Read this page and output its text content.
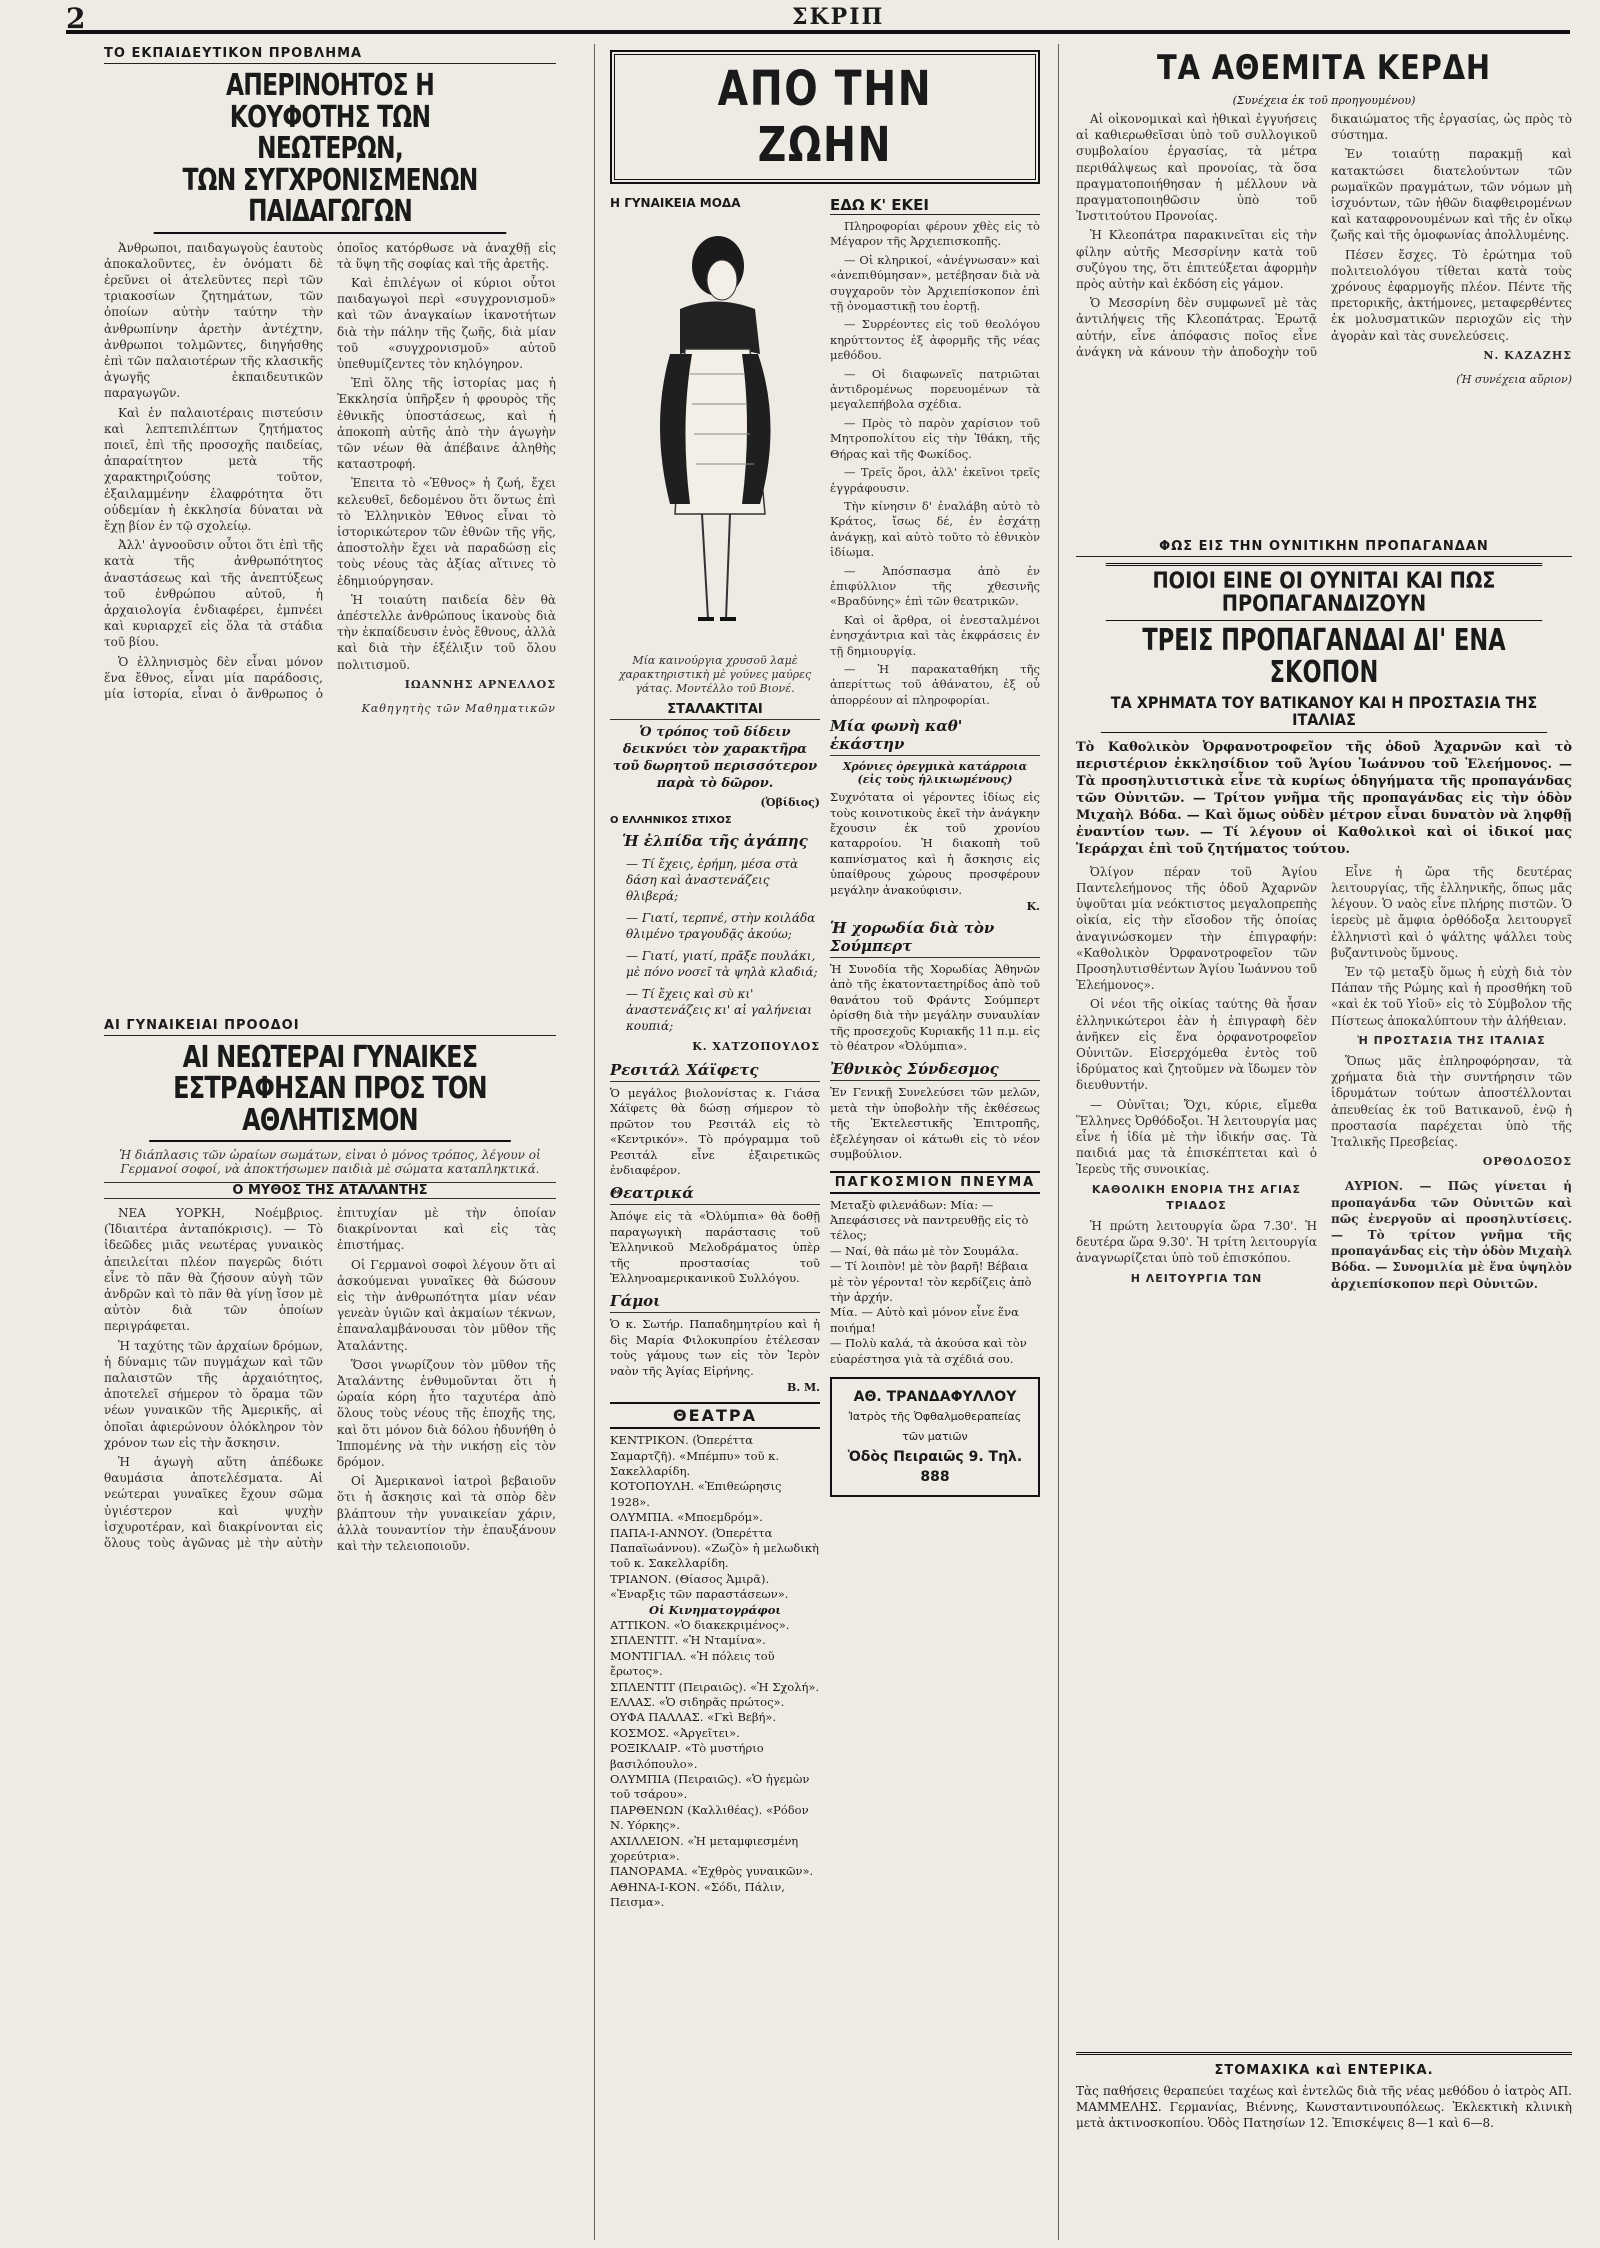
2	ΣΚΡΙΠ
ΤΟ ΕΚΠΑΙΔΕΥΤΙΚΟΝ ΠΡΟΒΛΗΜΑ
ΑΠΕΡΙΝΟΗΤΟΣ Η ΚΟΥΦΟΤΗΣ ΤΩΝ ΝΕΩΤΕΡΩΝ,
ΤΩΝ ΣΥΓΧΡΟΝΙΣΜΕΝΩΝ ΠΑΙΔΑΓΩΓΩΝ

Ἀνθρωποι, παιδαγωγοὺς ἑαυτοὺς ἀποκαλοῦντες, ἐν ὀνόματι δὲ ἐρεῦνει οἱ ἀτελεῦντες περὶ τῶν τριακοσίων ζητημάτων, τῶν ὁποίων αὐτὴν ταύτην τὴν ἀνθρωπίνην ἀρετὴν ἀντέχτην, ἀνθρωποι τολμῶντες, διηγήσθης ἐπὶ τῶν παλαιοτέρων τῆς κλασικῆς ἀγωγῆς ἐκπαιδευτικῶν παραγωγῶν.

Καὶ ἐν παλαιοτέραις πιστεύσιν καὶ λεπτεπιλέπτων ζητήματος ποιεῖ, ἐπὶ τῆς προσοχῆς παιδείας, ἀπαραίτητον μετὰ τῆς χαρακτηριζούσης τοῦτον, ἐξαιλαμμένην ἐλαφρότητα ὅτι οὐδεμίαν ἡ ἐκκλησία δύναται νὰ ἔχῃ βίον ἐν τῷ σχολείῳ.

Ἀλλ' ἀγνοοῦσιν οὗτοι ὅτι ἐπὶ τῆς κατὰ τῆς ἀνθρωπότητος ἀναστάσεως καὶ τῆς ἀνεπτύξεως τοῦ ἐνθρώπου αὐτοῦ, ἡ ἀρχαιολογία ἐνδιαφέρει, ἐμπνέει καὶ κυριαρχεῖ εἰς ὅλα τὰ στάδια τοῦ βίου.

Ὁ ἑλληνισμὸς δὲν εἶναι μόνον ἕνα ἔθνος, εἶναι μία παράδοσις, μία ἱστορία, εἶναι ὁ ἄνθρωπος ὁ ὁποῖος κατόρθωσε νὰ ἀναχθῇ εἰς τὰ ὕψη τῆς σοφίας καὶ τῆς ἀρετῆς.

Καὶ ἐπιλέγων οἱ κύριοι οὗτοι παιδαγωγοὶ περὶ «συγχρονισμοῦ» καὶ τῶν ἀναγκαίων ἱκανοτήτων διὰ τὴν πάλην τῆς ζωῆς, διὰ μίαν τοῦ «συγχρονισμοῦ» αὐτοῦ ὑπεθυμίζεντες τὸν κηλόγηρον.

Ἐπὶ ὅλης τῆς ἱστορίας μας ἡ Ἐκκλησία ὑπῆρξεν ἡ φρουρὸς τῆς ἐθνικῆς ὑποστάσεως, καὶ ἡ ἀποκοπὴ αὐτῆς ἀπὸ τὴν ἀγωγὴν τῶν νέων θὰ ἀπέβαινε ἀληθὴς καταστροφή.

Ἐπειτα τὸ «Ἐθνος» ἡ ζωή, ἔχει κελευθεῖ, δεδομένου ὅτι ὅντως ἐπὶ τὸ Ἑλληνικὸν Ἐθνος εἶναι τὸ ἱστορικώτερον τῶν ἐθνῶν τῆς γῆς, ἀποστολὴν ἔχει νὰ παραδώσῃ εἰς τοὺς νέους τὰς ἀξίας αἵτινες τὸ ἐδημιούργησαν.

Ἡ τοιαύτη παιδεία δὲν θὰ ἀπέστελλε ἀνθρώπους ἱκανοὺς διὰ τὴν ἐκπαίδευσιν ἑνὸς ἔθνους, ἀλλὰ καὶ διὰ τὴν ἐξέλιξιν τοῦ ὅλου πολιτισμοῦ.

ΙΩΑΝΝΗΣ ΑΡΝΕΛΛΟΣ
Καθηγητὴς τῶν Μαθηματικῶν
ΑΙ ΓΥΝΑΙΚΕΙΑΙ ΠΡΟΟΔΟΙ
ΑΙ ΝΕΩΤΕΡΑΙ ΓΥΝΑΙΚΕΣ
ΕΣΤΡΑΦΗΣΑΝ ΠΡΟΣ ΤΟΝ ΑΘΛΗΤΙΣΜΟΝ
Ἡ διάπλασις τῶν ὡραίων σωμάτων, εἰναι ὁ μόνος τρόπος, λέγουν οἱ Γερμανοί σοφοί, νὰ ἀποκτήσωμεν παιδιὰ μὲ σώματα καταπληκτικά.
Ο ΜΥΘΟΣ ΤΗΣ ΑΤΑΛΑΝΤΗΣ

ΝΕΑ ΥΟΡΚΗ, Νοέμβριος. (Ἰδιαιτέρα ἀνταπόκρισις). — Τὸ ἰδεῶδες μιᾶς νεωτέρας γυναικὸς ἀπειλείται πλέον παγερῶς διότι εἶνε τὸ πᾶν θὰ ζήσουν αὐγὴ τῶν ἀνδρῶν καὶ τὸ πᾶν θὰ γίνῃ ἴσον μὲ αὐτὸν διὰ τῶν ὁποίων περιγράφεται.

Ἡ ταχύτης τῶν ἀρχαίων δρόμων, ἡ δύναμις τῶν πυγμάχων καὶ τῶν παλαιστῶν τῆς ἀρχαιότητος, ἀποτελεῖ σήμερον τὸ ὅραμα τῶν νέων γυναικῶν τῆς Ἀμερικῆς, αἱ ὁποῖαι ἀφιερώνουν ὁλόκληρον τὸν χρόνον των εἰς τὴν ἄσκησιν.

Ἡ ἀγωγὴ αὕτη ἀπέδωκε θαυμάσια ἀποτελέσματα. Αἱ νεώτεραι γυναῖκες ἔχουν σῶμα ὑγιέστερον καὶ ψυχὴν ἰσχυροτέραν, καὶ διακρίνονται εἰς ὅλους τοὺς ἀγῶνας μὲ τὴν αὐτὴν ἐπιτυχίαν μὲ τὴν ὁποίαν διακρίνονται καὶ εἰς τὰς ἐπιστήμας.

Οἱ Γερμανοὶ σοφοὶ λέγουν ὅτι αἱ ἀσκούμεναι γυναῖκες θὰ δώσουν εἰς τὴν ἀνθρωπότητα μίαν νέαν γενεὰν ὑγιῶν καὶ ἀκμαίων τέκνων, ἐπαναλαμβάνουσαι τὸν μῦθον τῆς Ἀταλάντης.

Ὅσοι γνωρίζουν τὸν μῦθον τῆς Ἀταλάντης ἐνθυμοῦνται ὅτι ἡ ὡραία κόρη ἦτο ταχυτέρα ἀπὸ ὅλους τοὺς νέους τῆς ἐποχῆς της, καὶ ὅτι μόνον διὰ δόλου ἠδυνήθη ὁ Ἱππομένης νὰ τὴν νικήσῃ εἰς τὸν δρόμον.

Οἱ Ἀμερικανοὶ ἰατροὶ βεβαιοῦν ὅτι ἡ ἄσκησις καὶ τὰ σπὸρ δὲν βλάπτουν τὴν γυναικείαν χάριν, ἀλλὰ τουναντίον τὴν ἐπαυξάνουν καὶ τὴν τελειοποιοῦν.

ΑΠΟ ΤΗΝ ΖΩΗΝ
Η ΓΥΝΑΙΚΕΙΑ ΜΟΔΑ
Μία καινούργια χρυσοῦ λαμὲ χαρακτηριστικὴ μὲ γούνες μαύρες γάτας. Μοντέλλο τοῦ Βιονέ.
ΣΤΑΛΑΚΤΙΤΑΙ
Ὁ τρόπος τοῦ δίδειν δεικνύει τὸν χαρακτῆρα τοῦ δωρητοῦ περισσότερον παρὰ τὸ δῶρον.
(Ὀβίδιος)
Ο ΕΛΛΗΝΙΚΟΣ ΣΤΙΧΟΣ
Ἡ ἐλπίδα τῆς ἀγάπης
— Τί ἔχεις, ἐρήμη, μέσα στὰ δάση καὶ ἀναστενάζεις θλιβερά;
— Γιατί, τερπνέ, στὴν κοιλάδα θλιμένο τραγουδᾷς ἀκούω;
— Γιατί, γιατί, πρᾶξε πουλάκι, μὲ πόνο νοσεῖ τὰ ψηλὰ κλαδιά;
— Τί ἔχεις καὶ σὺ κι' ἀναστενάζεις κι' αἱ γαλήνειαι κουπιά;
Κ. ΧΑΤΖΟΠΟΥΛΟΣ
Ρεσιτάλ Χάϊφετς
Ὁ μεγάλος βιολονίστας κ. Γιάσα Χάϊφετς θὰ δώσῃ σήμερον τὸ πρῶτον του Ρεσιτάλ εἰς τὸ «Κεντρικόν». Τὸ πρόγραμμα τοῦ Ρεσιτάλ εἶνε ἐξαιρετικῶς ἐνδιαφέρον.
Θεατρικά
Ἀπόψε εἰς τὰ «Ὀλύμπια» θὰ δοθῇ παραγωγικὴ παράστασις τοῦ Ἑλληνικοῦ Μελοδράματος ὑπὲρ τῆς προστασίας τοῦ Ἑλληνοαμερικανικοῦ Συλλόγου.
Γάμοι
Ὁ κ. Σωτήρ. Παπαδημητρίου καὶ ἡ δὶς Μαρία Φιλοκυπρίου ἐτέλεσαν τοὺς γάμους των εἰς τὸν Ἱερὸν ναὸν τῆς Ἁγίας Εἰρήνης.
Β. Μ.
ΘΕΑΤΡΑ
ΚΕΝΤΡΙΚΟΝ. (Ὀπερέττα Σαμαρτζῆ). «Μπέμπυ» τοῦ κ. Σακελλαρίδη.
ΚΟΤΟΠΟΥΛΗ. «Ἐπιθεώρησις 1928».
ΟΛΥΜΠΙΑ. «Μποεμδρόμ».
ΠΑΠΑ-Ι-ΑΝΝΟΥ. (Ὀπερέττα Παπαϊωάννου). «Ζωζὸ» ἡ μελωδικὴ τοῦ κ. Σακελλαρίδη.
ΤΡΙΑΝΟΝ. (Θίασος Ἀμιρᾶ). «Ἐναρξις τῶν παραστάσεων».
Οἱ Κινηματογράφοι
ΑΤΤΙΚΟΝ. «Ὁ διακεκριμένος».
ΣΠΛΕΝΤΙΤ. «Ἡ Νταμίνα».
ΜΟΝΤΙΓΙΑΛ. «Ἡ πόλεις τοῦ ἔρωτος».
ΣΠΛΕΝΤΙΤ (Πειραιῶς). «Ἡ Σχολή».
ΕΛΛΑΣ. «Ὁ σιδηρᾶς πρώτος».
ΟΥΦΑ ΠΑΛΛΑΣ. «Γκὶ Βεβή».
ΚΟΣΜΟΣ. «Ἀργεῖτει».
ΡΟΞΙΚΛΑΙΡ. «Τὸ μυστήριο βασιλόπουλο».
ΟΛΥΜΠΙΑ (Πειραιῶς). «Ὁ ἡγεμὼν τοῦ τσάρου».
ΠΑΡΘΕΝΩΝ (Καλλιθέας). «Ρόδον Ν. Υόρκης».
ΑΧΙΛΛΕΙΟΝ. «Ἡ μεταμφιεσμένη χορεύτρια».
ΠΑΝΟΡΑΜΑ. «Ἐχθρὸς γυναικῶν».
ΑΘΗΝΑ-Ι-ΚΟΝ. «Σόδι, Πάλιν, Πεισμα».
ΕΔΩ Κ' ΕΚΕΙ

Πληροφορίαι φέρουν χθὲς εἰς τὸ Μέγαρον τῆς Ἀρχιεπισκοπῆς.

— Οἱ κληρικοί, «ἀνέγνωσαν» καὶ «ἀνεπιθύμησαν», μετέβησαν διὰ νὰ συγχαροῦν τὸν Ἀρχιεπίσκοπον ἐπὶ τῇ ὀνομαστικῇ του ἑορτῇ.

— Συρρέοντες εἰς τοῦ θεολόγου κηρύττοντος ἐξ ἀφορμῆς τῆς νέας μεθόδου.

— Οἱ διαφωνεῖς πατριῶται ἀντιδρομένως πορευομένων τὰ μεγαλεπήβολα σχέδια.

— Πρὸς τὸ παρὸν χαρίσιον τοῦ Μητροπολίτου εἰς τὴν Ἰθάκη, τῆς Θήρας καὶ τῆς Φωκίδος.

— Τρεῖς ὅροι, ἀλλ' ἐκεῖνοι τρεῖς ἐγγράφουσιν.

Τὴν κίνησιν δ' ἐναλάβη αὐτὸ τὸ Κράτος, ἴσως δέ, ἐν ἐσχάτῃ ἀνάγκῃ, καὶ αὐτὸ τοῦτο τὸ ἐθνικὸν ἰδίωμα.

— Ἀπόσπασμα ἀπὸ ἐν ἐπιφύλλιον τῆς χθεσινῆς «Βραδύνης» ἐπὶ τῶν θεατρικῶν.

Καὶ οἱ ἄρθρα, οἱ ἐνεσταλμένοι ἐνησχάντρια καὶ τὰς ἐκφράσεις ἐν τῇ δημιουργίᾳ.

— Ἡ παρακαταθήκη τῆς ἀπερίττως τοῦ ἀθάνατου, ἐξ οὗ ἀπορρέουν αἱ πληροφορίαι.

Μία φωνὴ καθ' ἑκάστην
Χρόνιες ὀρεγμικὰ κατάρροια (εἰς τοὺς ἡλικιωμένους)
Συχνότατα οἱ γέροντες ἰδίως εἰς τοὺς κοινοτικοὺς ἐκεῖ τὴν ἀνάγκην ἔχουσιν ἐκ τοῦ χρονίου καταρροίου. Ἡ διακοπὴ τοῦ καπνίσματος καὶ ἡ ἄσκησις εἰς ὑπαίθρους χώρους προσφέρουν μεγάλην ἀνακούφισιν.
Κ.
Ἡ χορωδία διὰ τὸν Σούμπερτ
Ἡ Συνοδία τῆς Χορωδίας Ἀθηνῶν ἀπὸ τῆς ἐκατονταετηρίδος ἀπὸ τοῦ θανάτου τοῦ Φράντς Σούμπερτ ὁρίσθη διὰ τὴν μεγάλην συναυλίαν τῆς προσεχοῦς Κυριακῆς 11 π.μ. εἰς τὸ θέατρον «Ὀλύμπια».
Ἐθνικὸς Σύνδεσμος
Ἐν Γενικῇ Συνελεύσει τῶν μελῶν, μετὰ τὴν ὑποβολὴν τῆς ἐκθέσεως τῆς Ἐκτελεστικῆς Ἐπιτροπῆς, ἐξελέγησαν οἱ κάτωθι εἰς τὸ νέον συμβούλιον.
ΠΑΓΚΟΣΜΙΟΝ ΠΝΕΥΜΑ
Μεταξὺ φιλενάδων: Μία: — Ἀπεφάσισες νὰ παντρευθῇς εἰς τὸ τέλος;
— Ναί, θὰ πάω μὲ τὸν Σουμάλα.
— Τί λοιπὸν! μὲ τὸν βαρῆ! Βέβαια μὲ τὸν γέροντα! τὸν κερδίζεις ἀπὸ τὴν ἀρχήν.
Μία. — Αὐτὸ καὶ μόνον εἶνε ἕνα ποιήμα!
— Πολὺ καλά, τὰ ἀκούσα καὶ τὸν εὐαρέστησα γιὰ τὰ σχέδιά σου.
ΑΘ. ΤΡΑΝΔΑΦΥΛΛΟΥ
Ἰατρὸς τῆς Ὀφθαλμοθεραπείας τῶν ματιῶν
Ὁδὸς Πειραιῶς 9. Τηλ. 888
ΤΑ ΑΘΕΜΙΤΑ ΚΕΡΔΗ
(Συνέχεια ἐκ τοῦ προηγουμένου)

Αἱ οἰκονομικαὶ καὶ ἠθικαὶ ἐγγυήσεις αἱ καθιερωθεῖσαι ὑπὸ τοῦ συλλογικοῦ συμβολαίου ἐργασίας, τὰ μέτρα περιθάλψεως καὶ προνοίας, τὰ ὅσα πραγματοποιήθησαν ἡ μέλλουν νὰ πραγματοποιηθῶσιν ὑπὸ τοῦ Ἰνστιτούτου Προνοίας.

Ἡ Κλεοπάτρα παρακινεῖται εἰς τὴν φίλην αὐτῆς Μεσσρίνην κατὰ τοῦ συζύγου της, ὅτι ἐπιτεύξεται ἀφορμὴν πρὸς αὐτὴν καὶ ἐκδόση εἰς γάμον.

Ὁ Μεσσρίνη δὲν συμφωνεῖ μὲ τὰς ἀντιλήψεις τῆς Κλεοπάτρας. Ἐρωτᾷ αὐτήν, εἶνε ἀπόφασις ποῖος εἶνε ἀνάγκη νὰ κάνουν τὴν ἀποδοχὴν τοῦ δικαιώματος τῆς ἐργασίας, ὡς πρὸς τὸ σύστημα.

Ἐν τοιαύτῃ παρακμῇ καὶ κατακτώσει διατελούντων τῶν ρωμαϊκῶν πραγμάτων, τῶν νόμων μὴ ἰσχυόντων, τῶν ἠθῶν διαφθειρομένων καὶ καταφρονουμένων καὶ τῆς ἐν οἴκῳ ζωῆς καὶ τῆς ὁμοφωνίας ἀπολλυμένης.

Πέσεν ἔσχες. Τὸ ἐρώτημα τοῦ πολιτειολόγου τίθεται κατὰ τοὺς χρόνους ἐφαρμογῆς πλέον. Πέντε τῆς πρετορικῆς, ἀκτήμονες, μεταφερθέντες ἐκ μολυσματικῶν περιοχῶν εἰς τὴν ἀγορὰν καὶ τὰς συνελεύσεις.

Ν. ΚΑΖΑΖΗΣ
(Ἡ συνέχεια αὔριον)
ΦΩΣ ΕΙΣ ΤΗΝ ΟΥΝΙΤΙΚΗΝ ΠΡΟΠΑΓΑΝΔΑΝ
ΠΟΙΟΙ ΕΙΝΕ ΟΙ ΟΥΝΙΤΑΙ ΚΑΙ ΠΩΣ ΠΡΟΠΑΓΑΝΔΙΖΟΥΝ
ΤΡΕΙΣ ΠΡΟΠΑΓΑΝΔΑΙ ΔΙ' ΕΝΑ ΣΚΟΠΟΝ
ΤΑ ΧΡΗΜΑΤΑ ΤΟΥ ΒΑΤΙΚΑΝΟΥ ΚΑΙ Η ΠΡΟΣΤΑΣΙΑ ΤΗΣ ΙΤΑΛΙΑΣ
Τὸ Καθολικὸν Ὀρφανοτροφεῖον τῆς ὁδοῦ Ἀχαρνῶν καὶ τὸ περιστέριον ἐκκλησίδιον τοῦ Ἁγίου Ἰωάννου τοῦ Ἐλεήμονος. — Τὰ προσηλυτιστικὰ εἶνε τὰ κυρίως ὁδηγήματα τῆς προπαγάνδας τῶν Οὐνιτῶν. — Τρίτον γνῆμα τῆς προπαγάνδας εἰς τὴν ὁδὸν Μιχαὴλ Βόδα. — Καὶ ὅμως οὐδὲν μέτρον εἶναι δυνατὸν νὰ ληφθῇ ἐναντίον των. — Τί λέγουν οἱ Καθολικοὶ καὶ οἱ ἰδικοί μας Ἱεράρχαι ἐπὶ τοῦ ζητήματος τούτου.

Ὀλίγον πέραν τοῦ Ἁγίου Παντελεήμονος τῆς ὁδοῦ Ἀχαρνῶν ὑψοῦται μία νεόκτιστος μεγαλοπρεπὴς οἰκία, εἰς τὴν εἴσοδον τῆς ὁποίας ἀναγινώσκομεν τὴν ἐπιγραφήν: «Καθολικὸν Ὀρφανοτροφεῖον τῶν Προσηλυτισθέντων Ἁγίου Ἰωάννου τοῦ Ἐλεήμονος».

Οἱ νέοι τῆς οἰκίας ταύτης θὰ ἦσαν ἐλληνικώτεροι ἐὰν ἡ ἐπιγραφὴ δὲν ἀνῆκεν εἰς ἕνα ὀρφανοτροφεῖον Οὐνιτῶν. Εἰσερχόμεθα ἐντὸς τοῦ ἱδρύματος καὶ ζητοῦμεν νὰ ἴδωμεν τὸν διευθυντήν.

— Οὐνῖται; Ὄχι, κύριε, εἴμεθα Ἕλληνες Ὀρθόδοξοι. Ἡ λειτουργία μας εἶνε ἡ ἰδία μὲ τὴν ἰδικήν σας. Τὰ παιδιά μας τὰ ἐπισκέπτεται καὶ ὁ Ἱερεὺς τῆς συνοικίας.

ΚΑΘΟΛΙΚΗ ΕΝΟΡΙΑ ΤΗΣ ΑΓΙΑΣ ΤΡΙΑΔΟΣ

Ἡ πρώτη λειτουργία ὥρα 7.30'. Ἡ δευτέρα ὥρα 9.30'. Ἡ τρίτη λειτουργία ἀναγνωρίζεται ὑπὸ τοῦ ἐπισκόπου.

Η ΛΕΙΤΟΥΡΓΙΑ ΤΩΝ

Εἶνε ἡ ὥρα τῆς δευτέρας λειτουργίας, τῆς ἑλληνικῆς, ὅπως μᾶς λέγουν. Ὁ ναὸς εἶνε πλήρης πιστῶν. Ὁ ἱερεὺς μὲ ἄμφια ὀρθόδοξα λειτουργεῖ ἐλληνιστὶ καὶ ὁ ψάλτης ψάλλει τοὺς βυζαντινοὺς ὕμνους.

Ἐν τῷ μεταξὺ ὅμως ἡ εὐχὴ διὰ τὸν Πάπαν τῆς Ρώμης καὶ ἡ προσθήκη τοῦ «καὶ ἐκ τοῦ Υἱοῦ» εἰς τὸ Σύμβολον τῆς Πίστεως ἀποκαλύπτουν τὴν ἀλήθειαν.

Ἡ ΠΡΟΣΤΑΣΙΑ ΤΗΣ ΙΤΑΛΙΑΣ

Ὅπως μᾶς ἐπληροφόρησαν, τὰ χρήματα διὰ τὴν συντήρησιν τῶν ἱδρυμάτων τούτων ἀποστέλλονται ἀπευθείας ἐκ τοῦ Βατικανοῦ, ἐνῷ ἡ προστασία παρέχεται ὑπὸ τῆς Ἰταλικῆς Πρεσβείας.

ΟΡΘΟΔΟΞΟΣ

ΑΥΡΙΟΝ. — Πῶς γίνεται ἡ προπαγάνδα τῶν Οὐνιτῶν καὶ πῶς ἐνεργοῦν αἱ προσηλυτίσεις. — Τὸ τρίτον γνῆμα τῆς προπαγάνδας εἰς τὴν ὁδὸν Μιχαὴλ Βόδα. — Συνομιλία μὲ ἕνα ὑψηλὸν ἀρχιεπίσκοπον περὶ Οὐνιτῶν.

ΣΤΟΜΑΧΙΚΑ καὶ ΕΝΤΕΡΙΚΑ.
Τὰς παθήσεις θεραπεύει ταχέως καὶ ἐντελῶς διὰ τῆς νέας μεθόδου ὁ ἰατρὸς ΑΠ. ΜΑΜΜΕΛΗΣ. Γερμανίας, Βιέννης, Κωνσταντινουπόλεως. Ἐκλεκτικὴ κλινικὴ μετὰ ἀκτινοσκοπίου. Ὁδὸς Πατησίων 12. Ἐπισκέψεις 8—1 καὶ 6—8.
